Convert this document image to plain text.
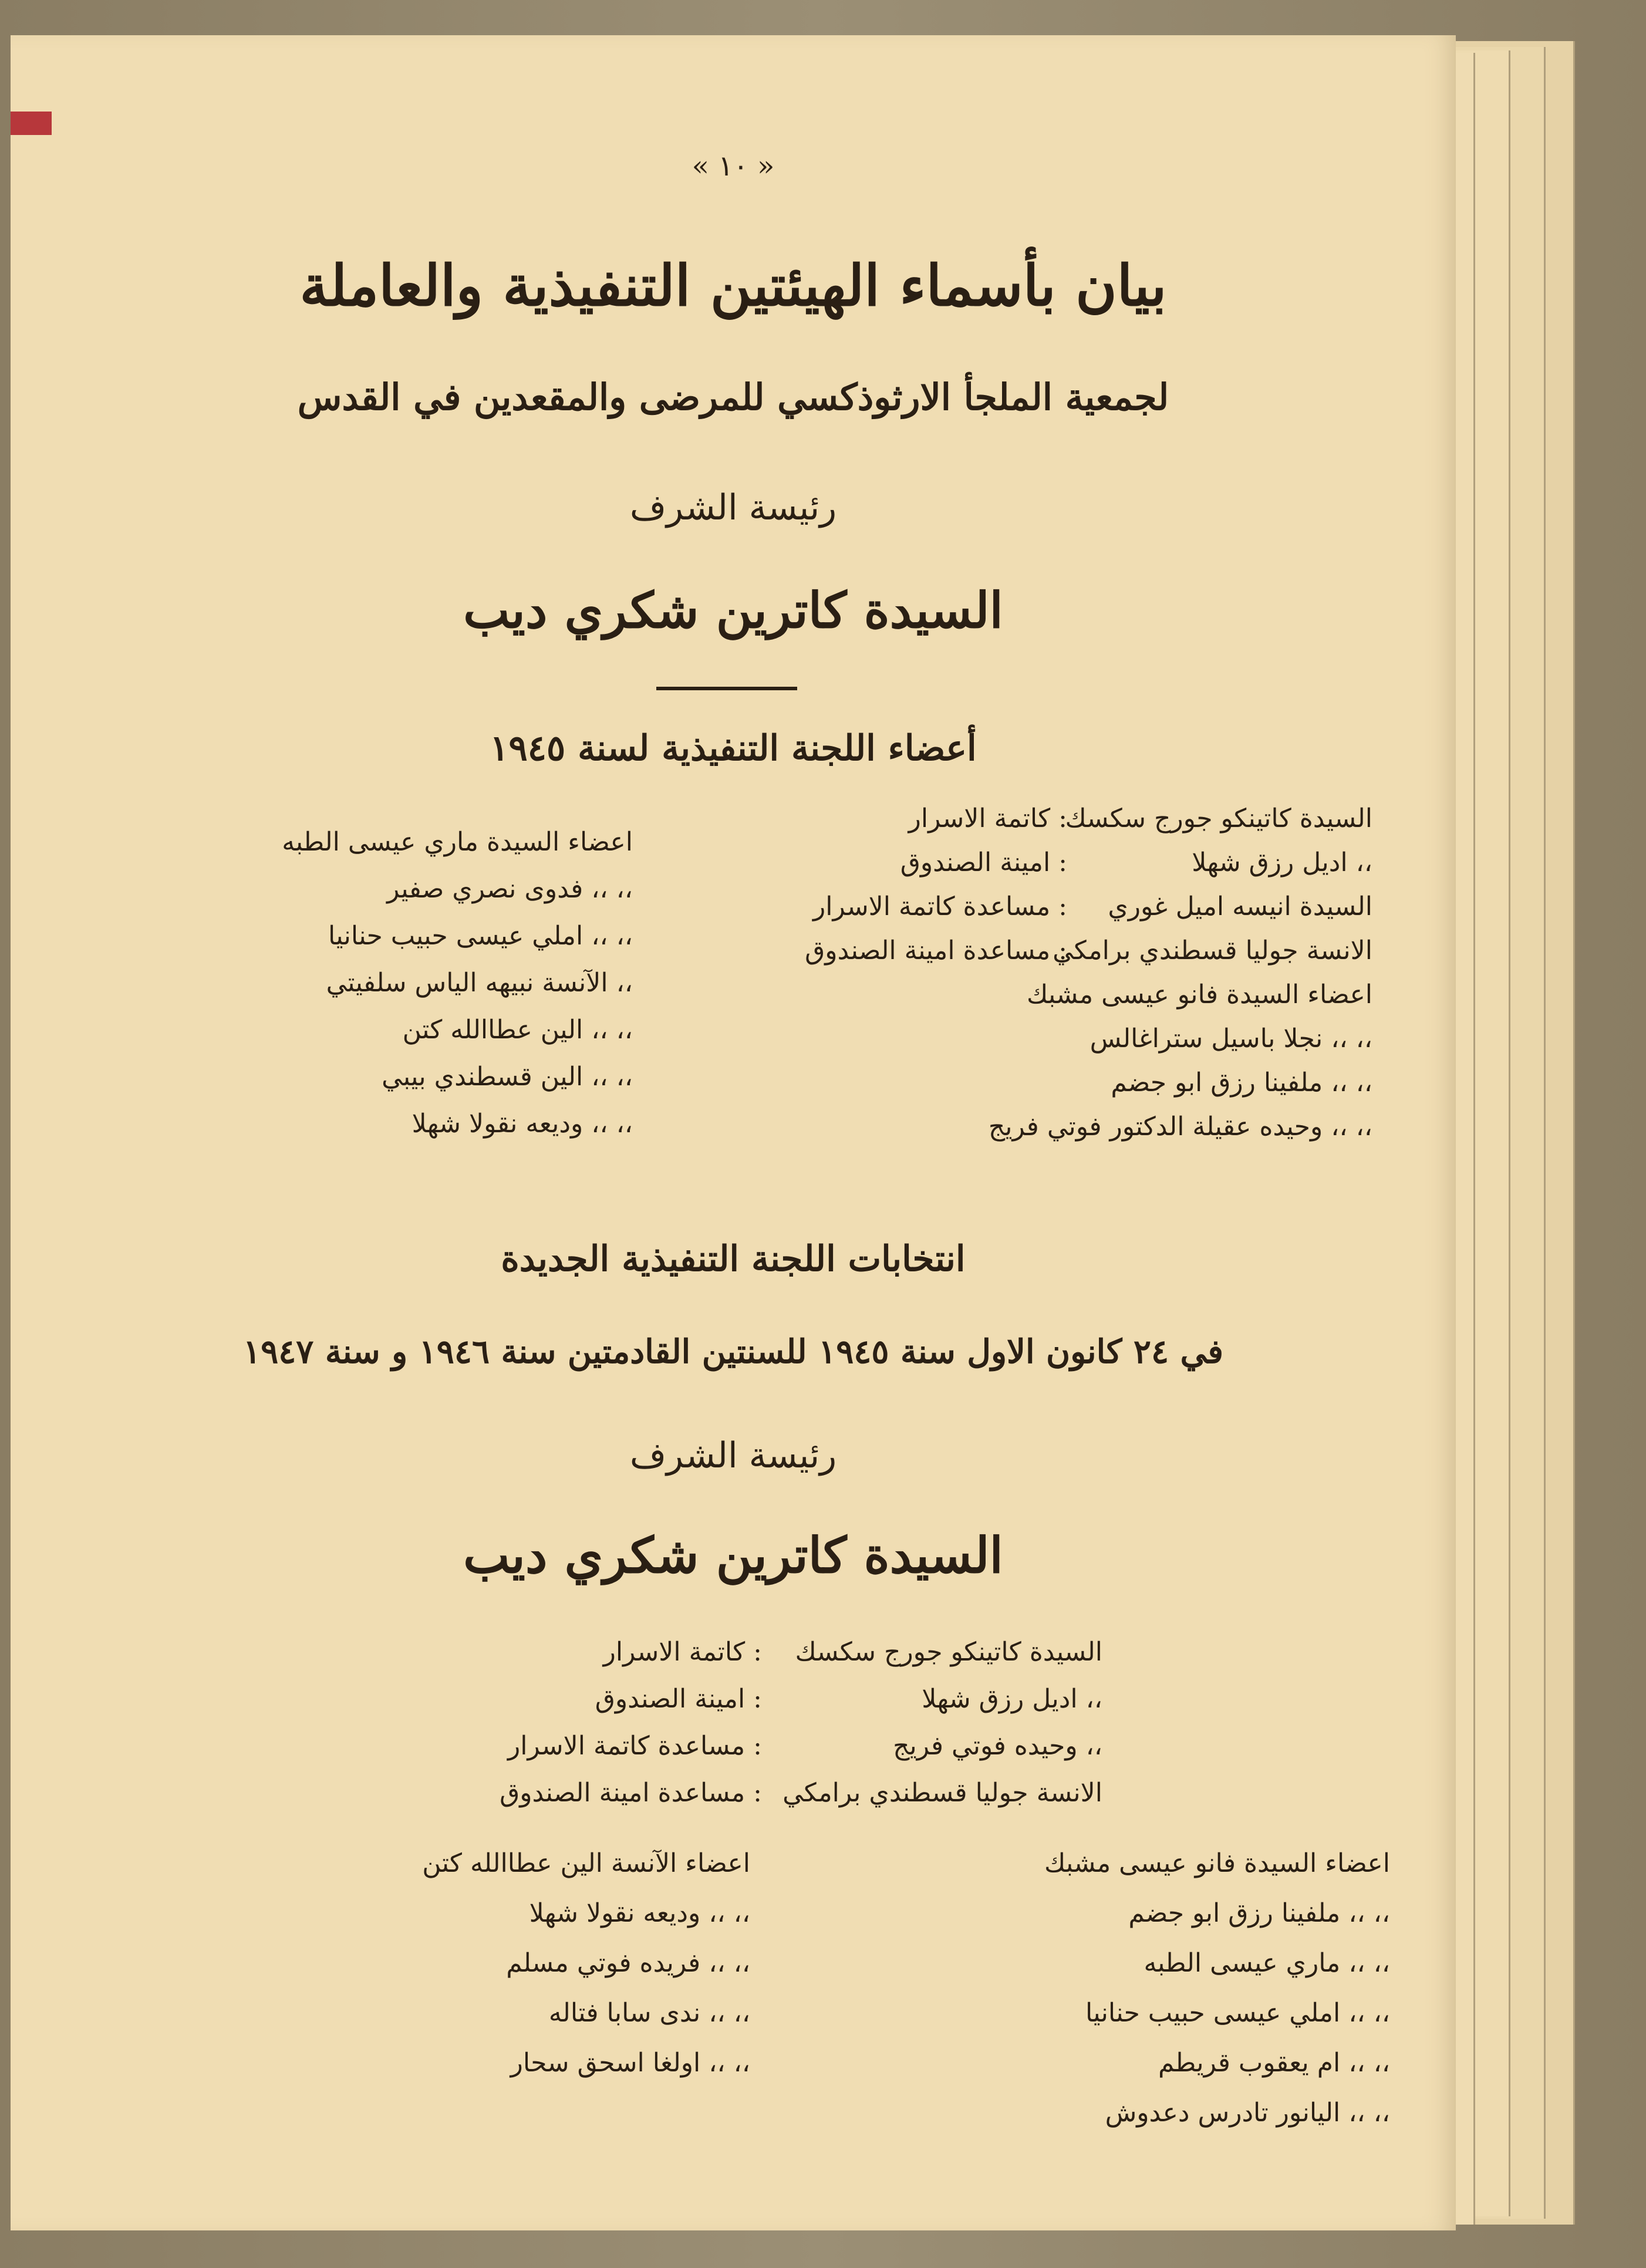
« ١٠ »
بيان بأسماء الهيئتين التنفيذية والعاملة
لجمعية الملجأ الارثوذكسي للمرضى والمقعدين في القدس
رئيسة الشرف
السيدة كاترين شكري ديب
أعضاء اللجنة التنفيذية لسنة ١٩٤٥
السيدة كاتينكو جورج سكسك
: كاتمة الاسرار
،، اديل رزق شهلا
: امينة الصندوق
السيدة انيسه اميل غوري
: مساعدة كاتمة الاسرار
الانسة جوليا قسطندي برامكي
: مساعدة امينة الصندوق
اعضاء السيدة فانو عيسى مشبك
،، ،، نجلا باسيل ستراغالس
،، ،، ملفينا رزق ابو جضم
،، ،، وحيده عقيلة الدكتور فوتي فريج
اعضاء السيدة ماري عيسى الطبه
،، ،، فدوى نصري صفير
،، ،، املي عيسى حبيب حنانيا
،، الآنسة نبيهه الياس سلفيتي
،، ،، الين عطاالله كتن
،، ،، الين قسطندي بيبي
،، ،، وديعه نقولا شهلا
انتخابات اللجنة التنفيذية الجديدة
في ٢٤ كانون الاول سنة ١٩٤٥ للسنتين القادمتين سنة ١٩٤٦ و سنة ١٩٤٧
رئيسة الشرف
السيدة كاترين شكري ديب
السيدة كاتينكو جورج سكسك
: كاتمة الاسرار
،، اديل رزق شهلا
: امينة الصندوق
،، وحيده فوتي فريج
: مساعدة كاتمة الاسرار
الانسة جوليا قسطندي برامكي
: مساعدة امينة الصندوق
اعضاء السيدة فانو عيسى مشبك
،، ،، ملفينا رزق ابو جضم
،، ،، ماري عيسى الطبه
،، ،، املي عيسى حبيب حنانيا
،، ،، ام يعقوب قريطم
،، ،، اليانور تادرس دعدوش
اعضاء الآنسة الين عطاالله كتن
،، ،، وديعه نقولا شهلا
،، ،، فريده فوتي مسلم
،، ،، ندى سابا فتاله
،، ،، اولغا اسحق سحار
